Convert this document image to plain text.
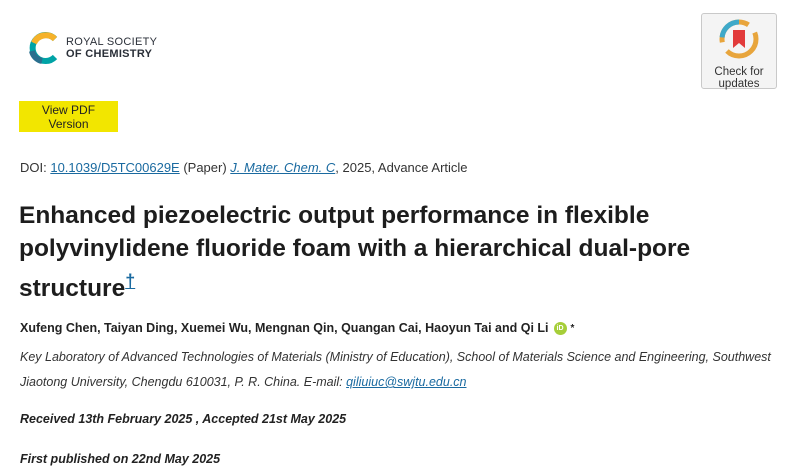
ROYAL SOCIETY
OF CHEMISTRY
Check for
updates
View PDF Version
DOI: 10.1039/D5TC00629E (Paper) J. Mater. Chem. C, 2025, Advance Article
Enhanced piezoelectric output performance in flexible polyvinylidene fluoride foam with a hierarchical dual-pore structure†
Xufeng Chen, Taiyan Ding, Xuemei Wu, Mengnan Qin, Quangan Cai, Haoyun Tai and Qi Li	iD *
Key Laboratory of Advanced Technologies of Materials (Ministry of Education), School of Materials Science and Engineering, Southwest Jiaotong University, Chengdu 610031, P. R. China. E-mail: qiliuiuc@swjtu.edu.cn
Received 13th February 2025 , Accepted 21st May 2025
First published on 22nd May 2025
